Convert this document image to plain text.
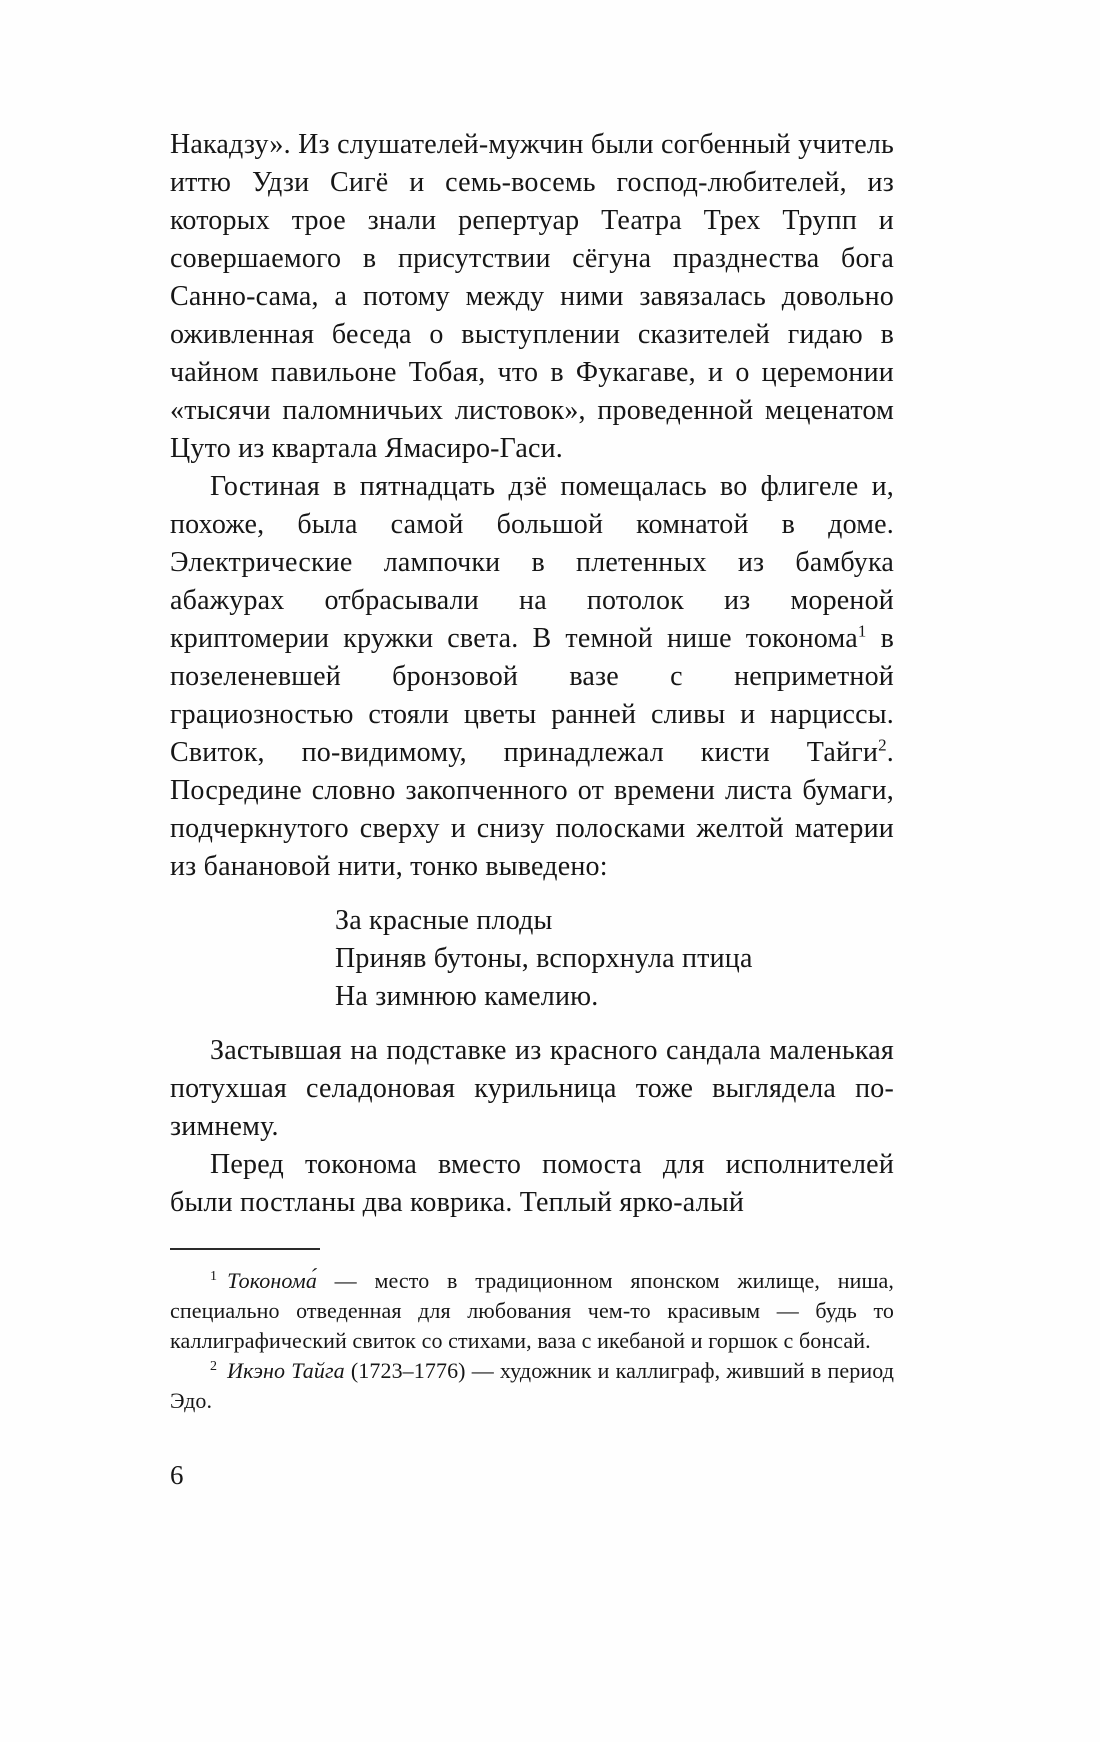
Накадзу». Из слушателей-мужчин были согбенный учитель иттю Удзи Сигё и семь-восемь господ-любителей, из которых трое знали репертуар Театра Трех Трупп и совершаемого в присутствии сёгуна празднества бога Санно-сама, а потому между ними завязалась довольно оживленная беседа о выступлении сказителей гидаю в чайном павильоне Тобая, что в Фукагаве, и о церемонии «тысячи паломничьих листовок», проведенной меценатом Цуто из квартала Ямасиро-Гаси.

Гостиная в пятнадцать дзё помещалась во флигеле и, похоже, была самой большой комнатой в доме. Электрические лампочки в плетенных из бамбука абажурах отбрасывали на потолок из мореной криптомерии кружки света. В темной нише токонома$^1$ в позеленевшей бронзовой вазе с неприметной грациозностью стояли цветы ранней сливы и нарциссы. Свиток, по-видимому, принадлежал кисти Тайги$^2$. Посредине словно закопченного от времени листа бумаги, подчеркнутого сверху и снизу полосками желтой материи из банановой нити, тонко выведено:

За красные плоды
Приняв бутоны, вспорхнула птица
На зимнюю камелию.

Застывшая на подставке из красного сандала маленькая потухшая селадоновая курильница тоже выглядела по-зимнему.

Перед токонома вместо помоста для исполнителей были постланы два коврика. Теплый ярко-алый

$^1$ Токонома́ — место в традиционном японском жилище, ниша, специально отведенная для любования чем-то красивым — будь то каллиграфический свиток со стихами, ваза с икебаной и горшок с бонсай.

$^2$ Икэно Тайга (1723–1776) — художник и каллиграф, живший в период Эдо.

6
